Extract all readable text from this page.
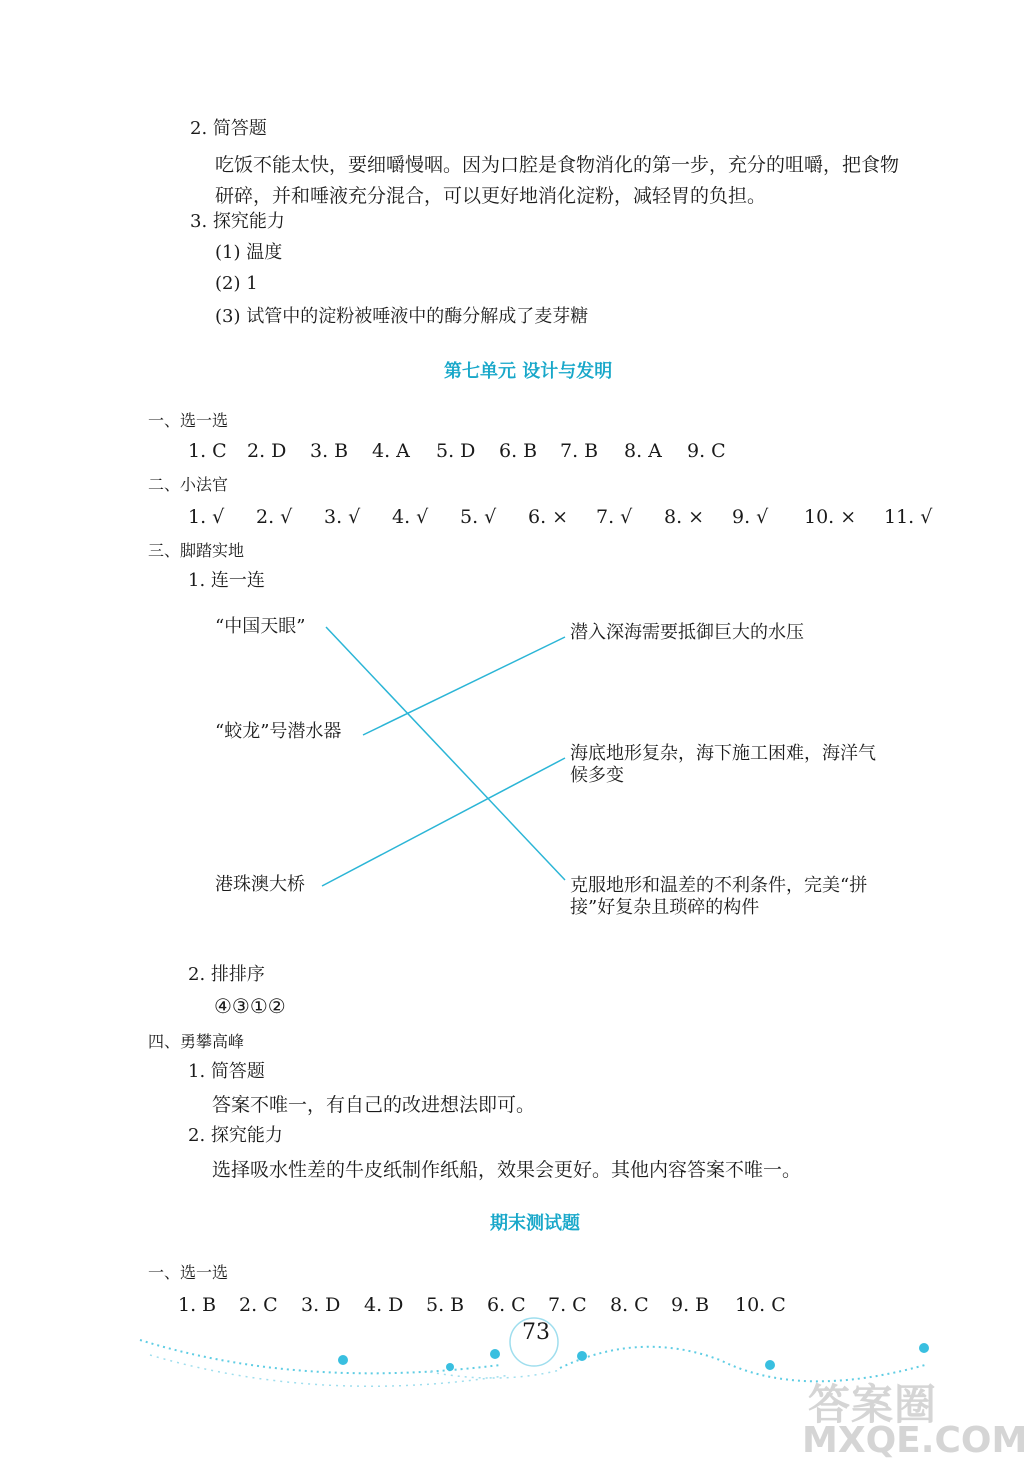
2. 简答题
吃饭不能太快，要细嚼慢咽。因为口腔是食物消化的第一步，充分的咀嚼，把食物
研碎，并和唾液充分混合，可以更好地消化淀粉，减轻胃的负担。
3. 探究能力
(1) 温度
(2) 1
(3) 试管中的淀粉被唾液中的酶分解成了麦芽糖
第七单元 设计与发明
一、选一选
1. C	2. D	3. B	4. A	5. D	6. B	7. B	8. A	9. C
二、小法官
1. √	2. √	3. √	4. √	5. √	6. ×	7. √	8. ×	9. √	10. ×	11. √
三、脚踏实地
1. 连一连
“中国天眼”
“蛟龙”号潜水器
港珠澳大桥
潜入深海需要抵御巨大的水压
海底地形复杂，海下施工困难，海洋气
候多变
克服地形和温差的不利条件，完美“拼
接”好复杂且琐碎的构件
2. 排排序
④③①②
四、勇攀高峰
1. 简答题
答案不唯一，有自己的改进想法即可。
2. 探究能力
选择吸水性差的牛皮纸制作纸船，效果会更好。其他内容答案不唯一。
期末测试题
一、选一选
1. B	2. C	3. D	4. D	5. B	6. C	7. C	8. C	9. B	10. C
73
答案圈
MXQE.COM
